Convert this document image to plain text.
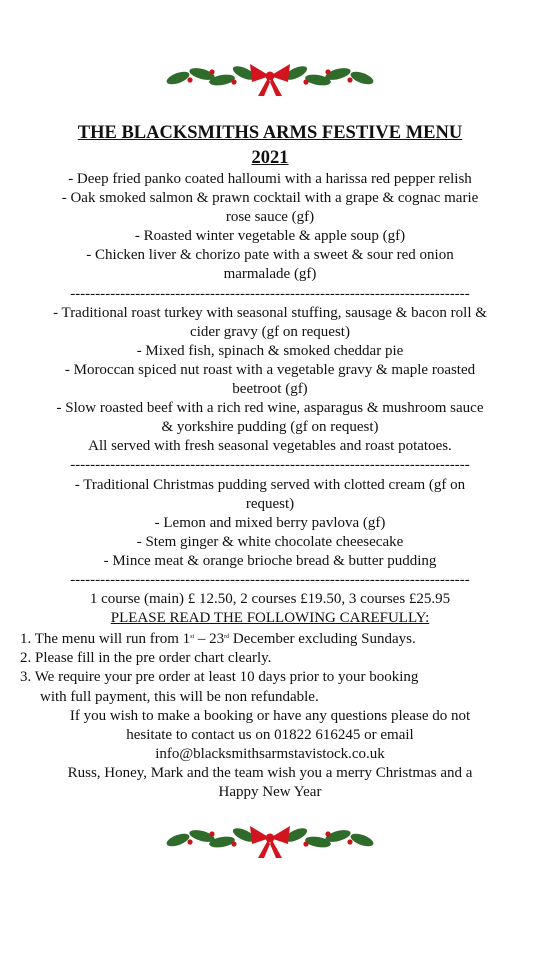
THE BLACKSMITHS ARMS FESTIVE MENU
2021
- Deep fried panko coated halloumi with a harissa red pepper relish
- Oak smoked salmon & prawn cocktail with a grape & cognac marie
rose sauce (gf)
- Roasted winter vegetable & apple soup (gf)
- Chicken liver & chorizo pate with a sweet & sour red onion
marmalade (gf)
--------------------------------------------------------------------------------
- Traditional roast turkey with seasonal stuffing, sausage & bacon roll &
cider gravy (gf on request)
- Mixed fish, spinach & smoked cheddar pie
- Moroccan spiced nut roast with a vegetable gravy & maple roasted
beetroot (gf)
- Slow roasted beef with a rich red wine, asparagus & mushroom sauce
& yorkshire pudding (gf on request)
All served with fresh seasonal vegetables and roast potatoes.
--------------------------------------------------------------------------------
- Traditional Christmas pudding served with clotted cream (gf on
request)
- Lemon and mixed berry pavlova (gf)
- Stem ginger & white chocolate cheesecake
- Mince meat & orange brioche bread & butter pudding
--------------------------------------------------------------------------------
1 course (main) £ 12.50, 2 courses £19.50, 3 courses £25.95
PLEASE READ THE FOLLOWING CAREFULLY:
1. The menu will run from 1st – 23rd December excluding Sundays.
2. Please fill in the pre order chart clearly.
3. We require your pre order at least 10 days prior to your booking
with full payment, this will be non refundable.
If you wish to make a booking or have any questions please do not
hesitate to contact us on 01822 616245 or email
info@blacksmithsarmstavistock.co.uk
Russ, Honey, Mark and the team wish you a merry Christmas and a
Happy New Year
